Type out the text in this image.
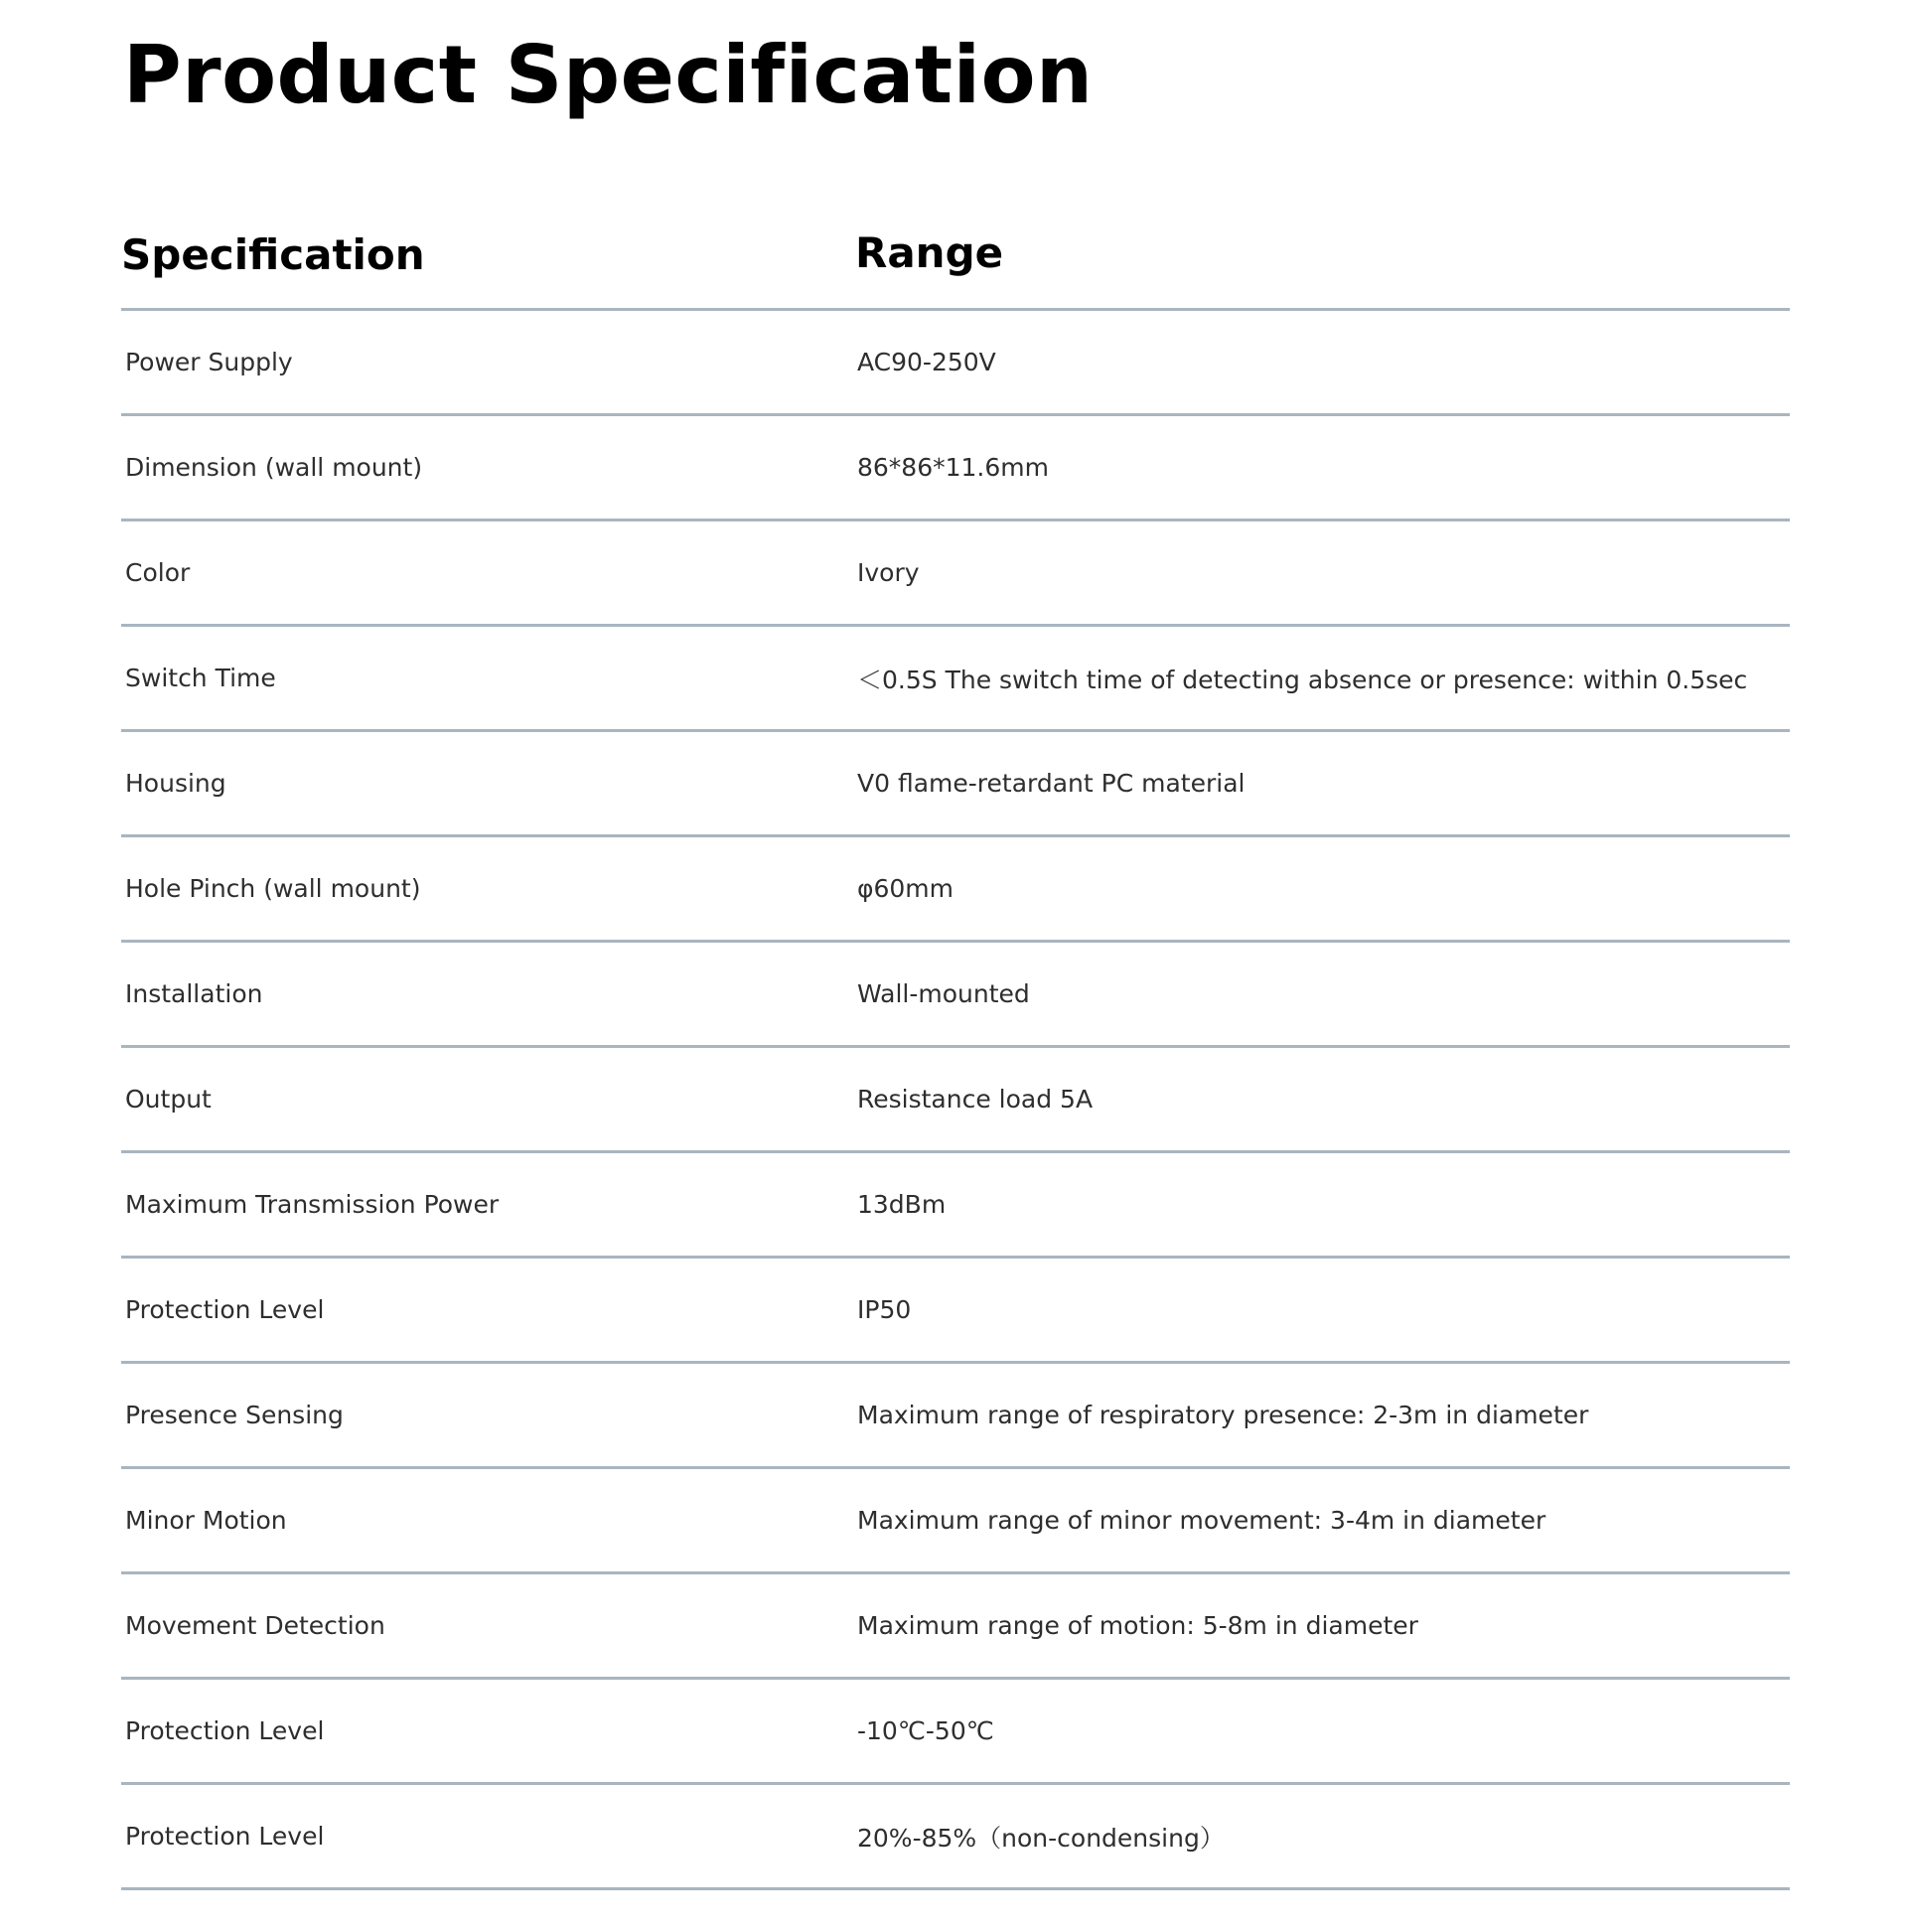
Product Specification
Specification	Range
Power Supply	AC90-250V
Dimension (wall mount)	86*86*11.6mm
Color	Ivory
Switch Time	＜0.5S The switch time of detecting absence or presence: within 0.5sec
Housing	V0 flame-retardant PC material
Hole Pinch (wall mount)	φ60mm
Installation	Wall-mounted
Output	Resistance load 5A
Maximum Transmission Power	13dBm
Protection Level	IP50
Presence Sensing	Maximum range of respiratory presence: 2-3m in diameter
Minor Motion	Maximum range of minor movement: 3-4m in diameter
Movement Detection	Maximum range of motion: 5-8m in diameter
Protection Level	-10℃-50℃
Protection Level	20%-85%（non-condensing）
